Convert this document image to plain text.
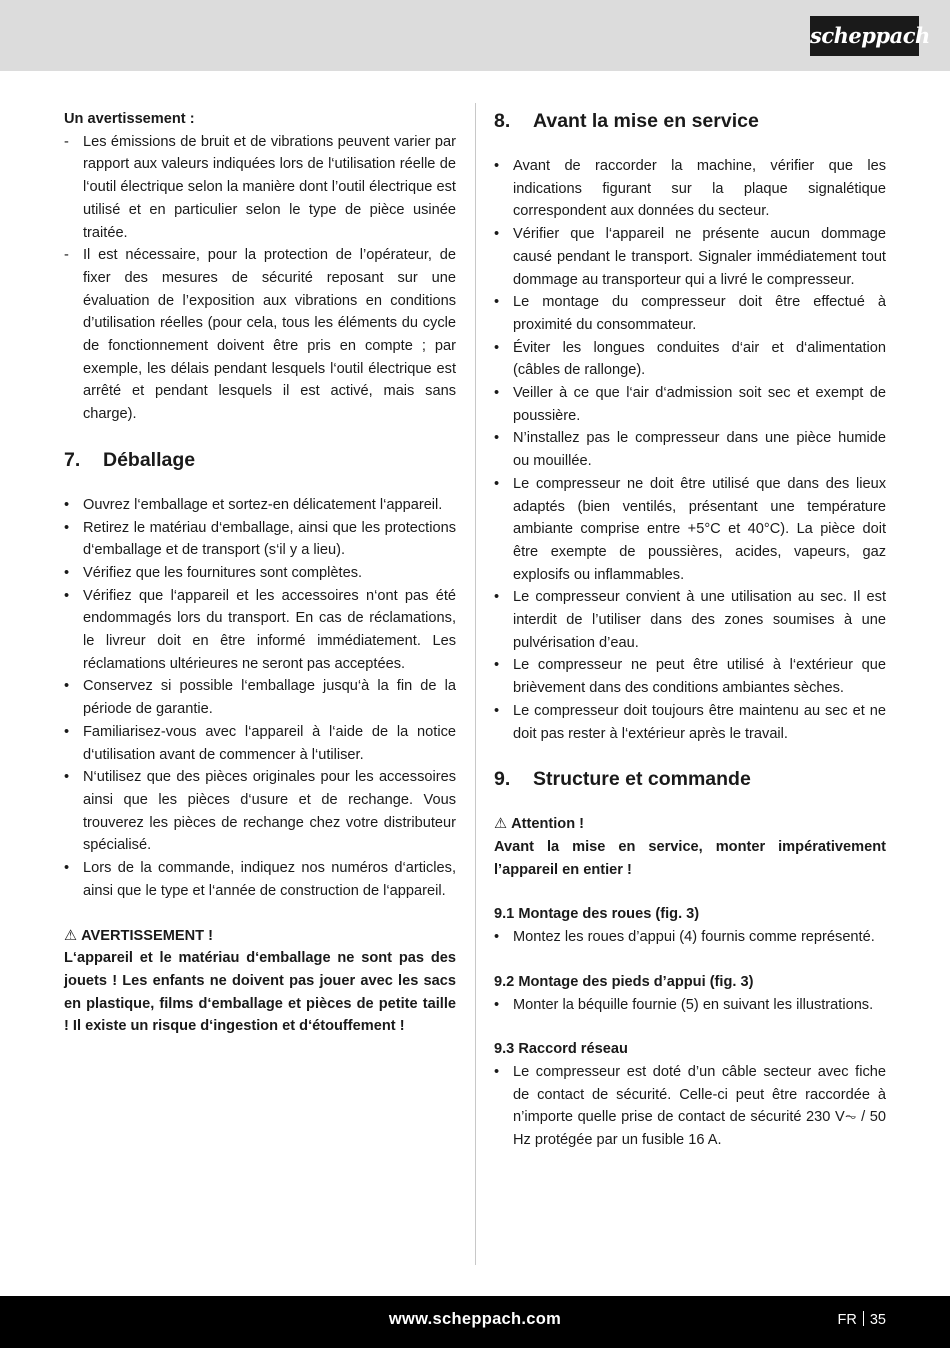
scheppach

Un avertissement :

- Les émissions de bruit et de vibrations peuvent varier par rapport aux valeurs indiquées lors de l‘utilisation réelle de l‘outil électrique selon la manière dont l’outil électrique est utilisé et en particulier selon le type de pièce usinée traitée.
- Il est nécessaire, pour la protection de l’opérateur, de fixer des mesures de sécurité reposant sur une évaluation de l’exposition aux vibrations en conditions d’utilisation réelles (pour cela, tous les éléments du cycle de fonctionnement doivent être pris en compte ; par exemple, les délais pendant lesquels l‘outil électrique est arrêté et pendant lesquels il est activé, mais sans charge).
7.	Déballage
• Ouvrez l‘emballage et sortez-en délicatement l‘appareil.
• Retirez le matériau d‘emballage, ainsi que les protections d‘emballage et de transport (s‘il y a lieu).
• Vérifiez que les fournitures sont complètes.
• Vérifiez que l‘appareil et les accessoires n‘ont pas été endommagés lors du transport. En cas de réclamations, le livreur doit en être informé immédiatement. Les réclamations ultérieures ne seront pas acceptées.
• Conservez si possible l‘emballage jusqu‘à la fin de la période de garantie.
• Familiarisez-vous avec l‘appareil à l‘aide de la notice d‘utilisation avant de commencer à l‘utiliser.
• N‘utilisez que des pièces originales pour les accessoires ainsi que les pièces d‘usure et de rechange. Vous trouverez les pièces de rechange chez votre distributeur spécialisé.
• Lors de la commande, indiquez nos numéros d‘articles, ainsi que le type et l‘année de construction de l‘appareil.

⚠ AVERTISSEMENT !

L‘appareil et le matériau d‘emballage ne sont pas des jouets ! Les enfants ne doivent pas jouer avec les sacs en plastique, films d‘emballage et pièces de petite taille ! Il existe un risque d‘ingestion et d‘étouffement !

8.	Avant la mise en service
• Avant de raccorder la machine, vérifier que les indications figurant sur la plaque signalétique correspondent aux données du secteur.
• Vérifier que l‘appareil ne présente aucun dommage causé pendant le transport. Signaler immédiatement tout dommage au transporteur qui a livré le compresseur.
• Le montage du compresseur doit être effectué à proximité du consommateur.
• Éviter les longues conduites d‘air et d‘alimentation (câbles de rallonge).
• Veiller à ce que l‘air d‘admission soit sec et exempt de poussière.
• N’installez pas le compresseur dans une pièce humide ou mouillée.
• Le compresseur ne doit être utilisé que dans des lieux adaptés (bien ventilés, présentant une température ambiante comprise entre +5°C et 40°C). La pièce doit être exempte de poussières, acides, vapeurs, gaz explosifs ou inflammables.
• Le compresseur convient à une utilisation au sec. Il est interdit de l’utiliser dans des zones soumises à une pulvérisation d’eau.
• Le compresseur ne peut être utilisé à l‘extérieur que brièvement dans des conditions ambiantes sèches.
• Le compresseur doit toujours être maintenu au sec et ne doit pas rester à l‘extérieur après le travail.
9.	Structure et commande

⚠ Attention !

Avant la mise en service, monter impérativement l’appareil en entier !

9.1 Montage des roues (fig. 3)

• Montez les roues d’appui (4) fournis comme représenté.

9.2 Montage des pieds d’appui (fig. 3)

• Monter la béquille fournie (5) en suivant les illustrations.

9.3 Raccord réseau

• Le compresseur est doté d’un câble secteur avec fiche de contact de sécurité. Celle-ci peut être raccordée à n’importe quelle prise de contact de sécurité 230 V⏦ / 50 Hz protégée par un fusible 16 A.
www.scheppach.com	FR 35
